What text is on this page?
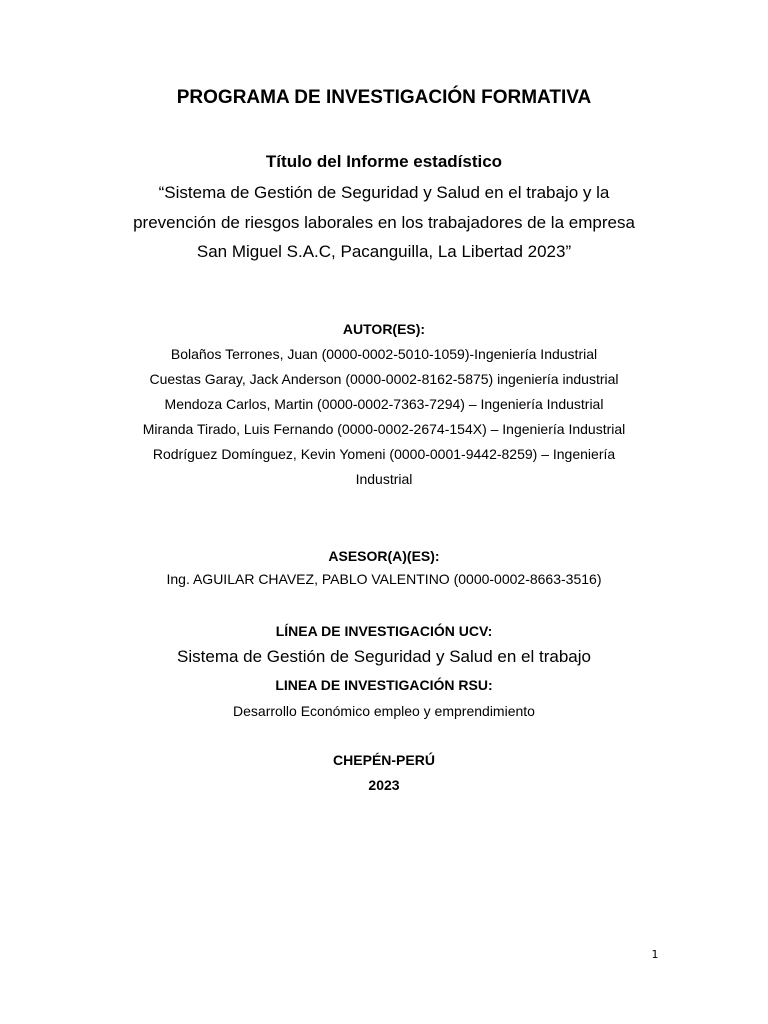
PROGRAMA DE INVESTIGACIÓN FORMATIVA
Título del Informe estadístico
“Sistema de Gestión de Seguridad y Salud en el trabajo y la
prevención de riesgos laborales en los trabajadores de la empresa
San Miguel S.A.C, Pacanguilla, La Libertad 2023”
AUTOR(ES):
Bolaños Terrones, Juan (0000-0002-5010-1059)-Ingeniería Industrial
Cuestas Garay, Jack Anderson (0000-0002-8162-5875) ingeniería industrial
Mendoza Carlos, Martin (0000-0002-7363-7294) – Ingeniería Industrial
Miranda Tirado, Luis Fernando (0000-0002-2674-154X) – Ingeniería Industrial
Rodríguez Domínguez, Kevin Yomeni (0000-0001-9442-8259) – Ingeniería
Industrial
ASESOR(A)(ES):
Ing. AGUILAR CHAVEZ, PABLO VALENTINO (0000-0002-8663-3516)
LÍNEA DE INVESTIGACIÓN UCV:
Sistema de Gestión de Seguridad y Salud en el trabajo
LINEA DE INVESTIGACIÓN RSU:
Desarrollo Económico empleo y emprendimiento
CHEPÉN-PERÚ
2023
1
